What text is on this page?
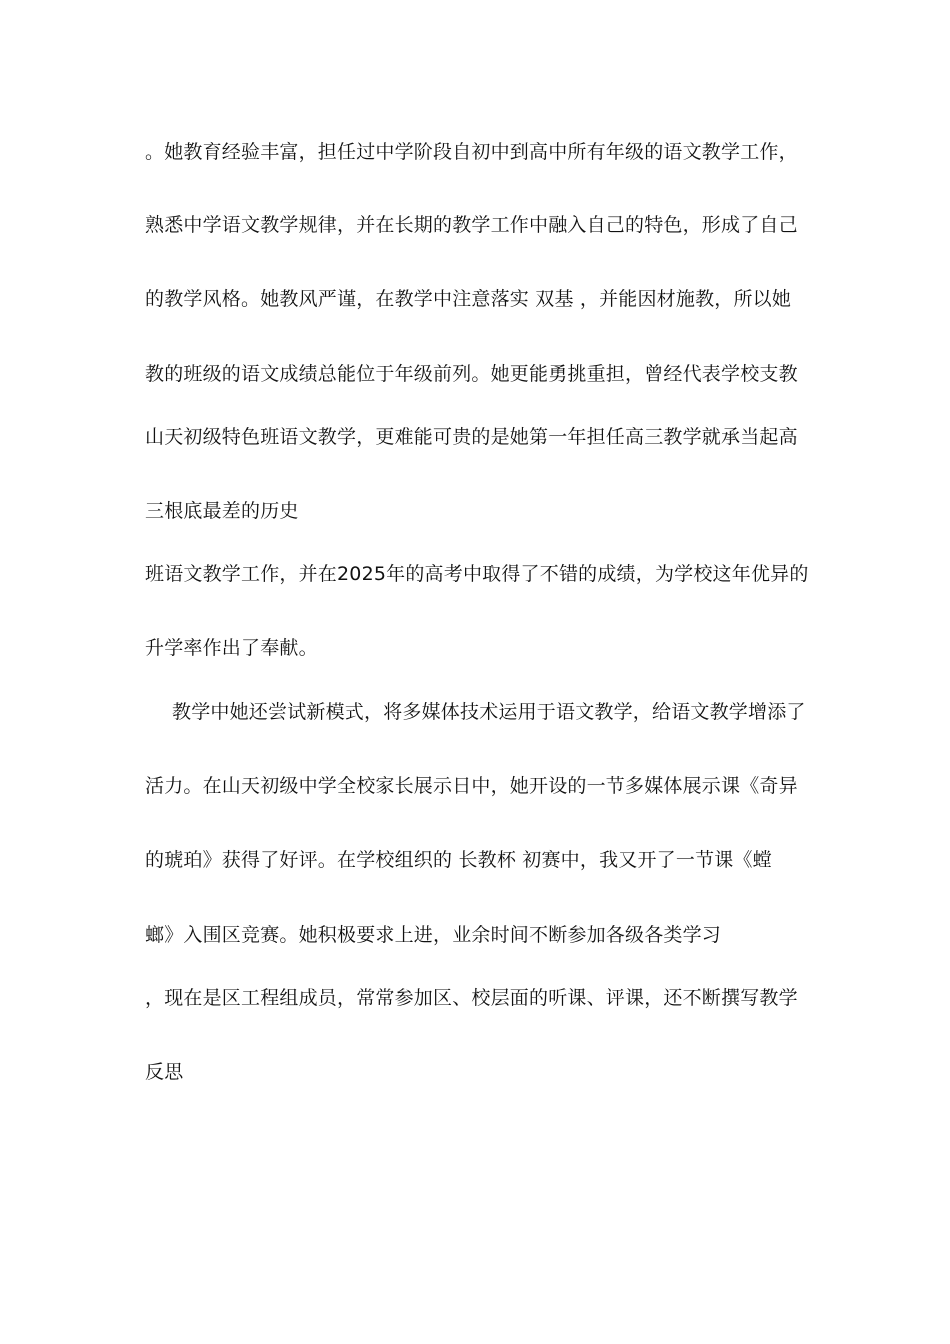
。她教育经验丰富，担任过中学阶段自初中到高中所有年级的语文教学工作，
熟悉中学语文教学规律，并在长期的教学工作中融入自己的特色，形成了自己
的教学风格。她教风严谨，在教学中注意落实 双基 ，并能因材施教，所以她
教的班级的语文成绩总能位于年级前列。她更能勇挑重担，曾经代表学校支教
山天初级特色班语文教学，更难能可贵的是她第一年担任高三教学就承当起高
三根底最差的历史
班语文教学工作，并在2025年的高考中取得了不错的成绩，为学校这年优异的
升学率作出了奉献。
教学中她还尝试新模式，将多媒体技术运用于语文教学，给语文教学增添了
活力。在山天初级中学全校家长展示日中，她开设的一节多媒体展示课《奇异
的琥珀》获得了好评。在学校组织的 长教杯 初赛中，我又开了一节课《螳
螂》入围区竞赛。她积极要求上进，业余时间不断参加各级各类学习
，现在是区工程组成员，常常参加区、校层面的听课、评课，还不断撰写教学
反思
